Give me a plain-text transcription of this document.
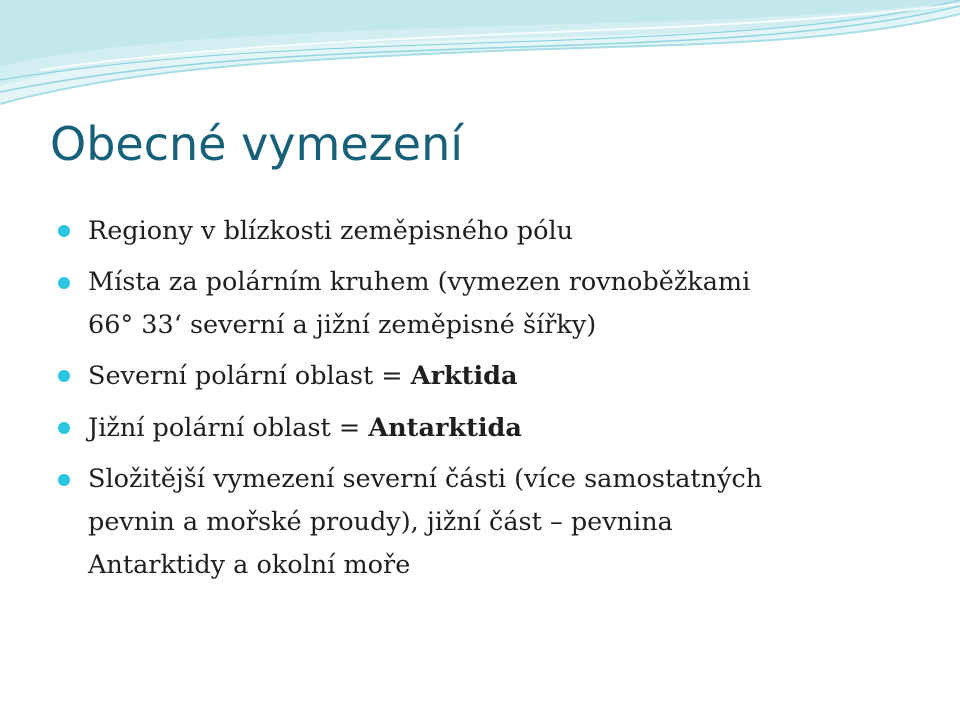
Obecné vymezení
Regiony v blízkosti zeměpisného pólu
Místa za polárním kruhem (vymezen rovnoběžkami
66° 33‘ severní a jižní zeměpisné šířky)
Severní polární oblast = Arktida
Jižní polární oblast = Antarktida
Složitější vymezení severní části (více samostatných
pevnin a mořské proudy), jižní část – pevnina
Antarktidy a okolní moře
